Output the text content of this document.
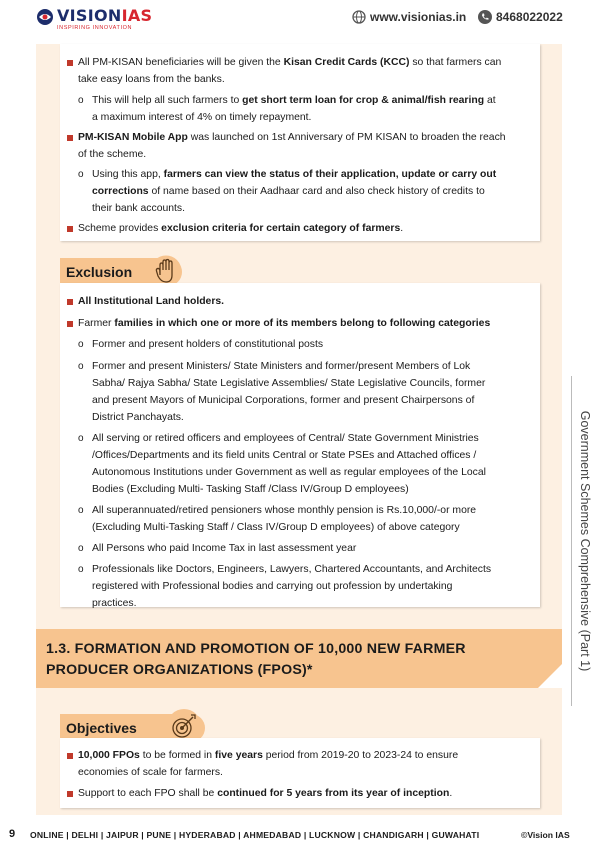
VISIONIAS
INSPIRING INNOVATION
www.visionias.in 8468022022
All PM-KISAN beneficiaries will be given the Kisan Credit Cards (KCC) so that farmers can
take easy loans from the banks.
o This will help all such farmers to get short term loan for crop & animal/fish rearing at
a maximum interest of 4% on timely repayment.
PM-KISAN Mobile App was launched on 1st Anniversary of PM KISAN to broaden the reach
of the scheme.
o Using this app, farmers can view the status of their application, update or carry out
corrections of name based on their Aadhaar card and also check history of credits to
their bank accounts.
Scheme provides exclusion criteria for certain category of farmers.
Exclusion
All Institutional Land holders.
Farmer families in which one or more of its members belong to following categories
o Former and present holders of constitutional posts
o Former and present Ministers/ State Ministers and former/present Members of Lok
Sabha/ Rajya Sabha/ State Legislative Assemblies/ State Legislative Councils, former
and present Mayors of Municipal Corporations, former and present Chairpersons of
District Panchayats.
o All serving or retired officers and employees of Central/ State Government Ministries
/Offices/Departments and its field units Central or State PSEs and Attached offices /
Autonomous Institutions under Government as well as regular employees of the Local
Bodies (Excluding Multi- Tasking Staff /Class IV/Group D employees)
o All superannuated/retired pensioners whose monthly pension is Rs.10,000/-or more
(Excluding Multi-Tasking Staff / Class IV/Group D employees) of above category
o All Persons who paid Income Tax in last assessment year
o Professionals like Doctors, Engineers, Lawyers, Chartered Accountants, and Architects
registered with Professional bodies and carrying out profession by undertaking
practices.
1.3. FORMATION AND PROMOTION OF 10,000 NEW FARMER
PRODUCER ORGANIZATIONS (FPOS)*
Objectives
10,000 FPOs to be formed in five years period from 2019-20 to 2023-24 to ensure
economies of scale for farmers.
Support to each FPO shall be continued for 5 years from its year of inception.
Government Schemes Comprehensive (Part 1)
9 ONLINE | DELHI | JAIPUR | PUNE | HYDERABAD | AHMEDABAD | LUCKNOW | CHANDIGARH | GUWAHATI	©Vision IAS
